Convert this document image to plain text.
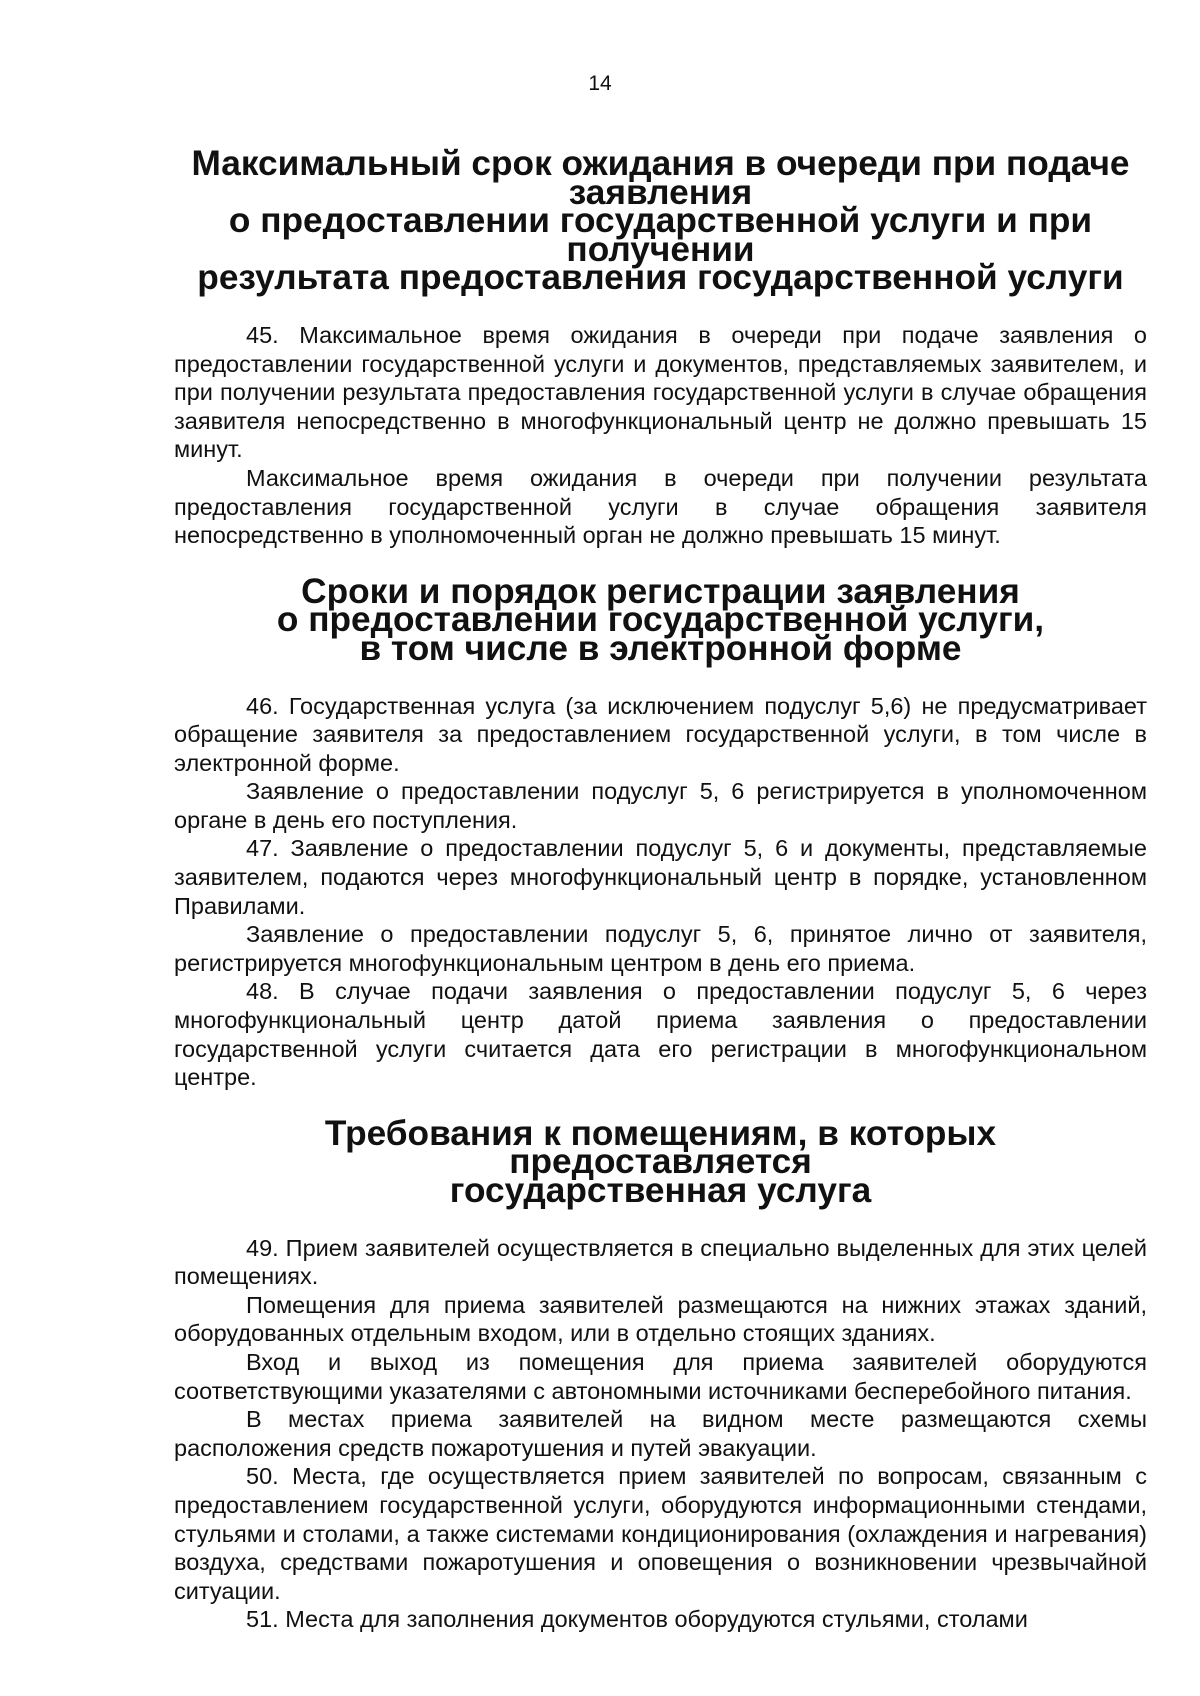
14
Максимальный срок ожидания в очереди при подаче заявления
о предоставлении государственной услуги и при получении
результата предоставления государственной услуги

45. Максимальное время ожидания в очереди при подаче заявления о предоставлении государственной услуги и документов, представляемых заявителем, и при получении результата предоставления государственной услуги в случае обращения заявителя непосредственно в многофункциональный центр не должно превышать 15 минут.

Максимальное время ожидания в очереди при получении результата предоставления государственной услуги в случае обращения заявителя непосредственно в уполномоченный орган не должно превышать 15 минут.

Сроки и порядок регистрации заявления
о предоставлении государственной услуги,
в том числе в электронной форме

46. Государственная услуга (за исключением подуслуг 5,6) не предусматривает обращение заявителя за предоставлением государственной услуги, в том числе в электронной форме.

Заявление о предоставлении подуслуг 5, 6 регистрируется в уполномоченном органе в день его поступления.

47. Заявление о предоставлении подуслуг 5, 6 и документы, представляемые заявителем, подаются через многофункциональный центр в порядке, установленном Правилами.

Заявление о предоставлении подуслуг 5, 6, принятое лично от заявителя, регистрируется многофункциональным центром в день его приема.

48. В случае подачи заявления о предоставлении подуслуг 5, 6 через многофункциональный центр датой приема заявления о предоставлении государственной услуги считается дата его регистрации в многофункциональном центре.

Требования к помещениям, в которых предоставляется
государственная услуга

49. Прием заявителей осуществляется в специально выделенных для этих целей помещениях.

Помещения для приема заявителей размещаются на нижних этажах зданий, оборудованных отдельным входом, или в отдельно стоящих зданиях.

Вход и выход из помещения для приема заявителей оборудуются соответствующими указателями с автономными источниками бесперебойного питания.

В местах приема заявителей на видном месте размещаются схемы расположения средств пожаротушения и путей эвакуации.

50. Места, где осуществляется прием заявителей по вопросам, связанным с предоставлением государственной услуги, оборудуются информационными стендами, стульями и столами, а также системами кондиционирования (охлаждения и нагревания) воздуха, средствами пожаротушения и оповещения о возникновении чрезвычайной ситуации.

51. Места для заполнения документов оборудуются стульями, столами
